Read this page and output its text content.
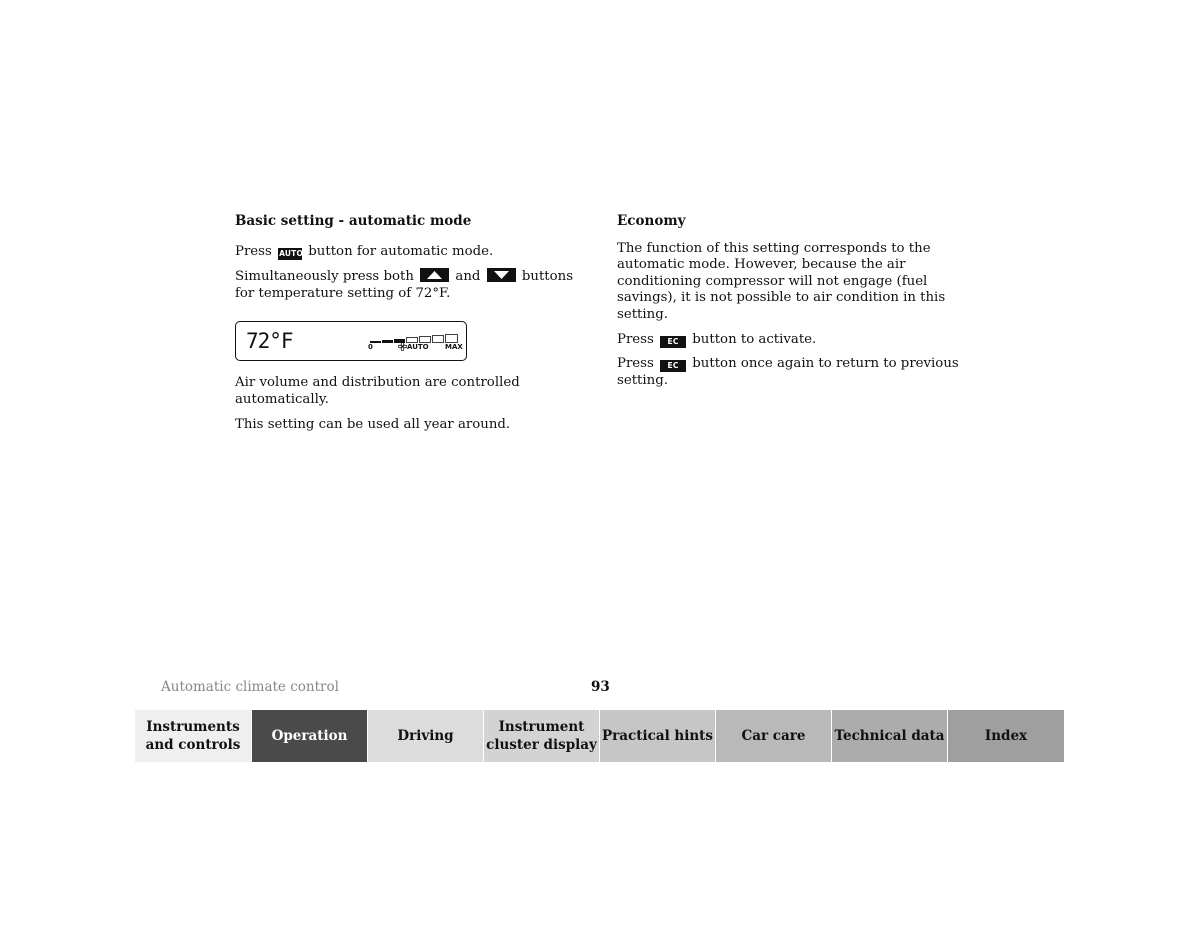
Basic setting - automatic mode
Press AUTO button for automatic mode.
Simultaneously press both	and	buttons for temperature setting of 72°F.
72°F	0	AUTO MAX
Air volume and distribution are controlled automatically.
This setting can be used all year around.
Economy
The function of this setting corresponds to the automatic mode. However, because the air conditioning compressor will not engage (fuel savings), it is not possible to air condition in this setting.
Press EC button to activate.
Press EC button once again to return to previous setting.
Automatic climate control	93
Instruments and controls
Operation	Driving
Instrument cluster display
Practical hints Car care Technical data	Index
